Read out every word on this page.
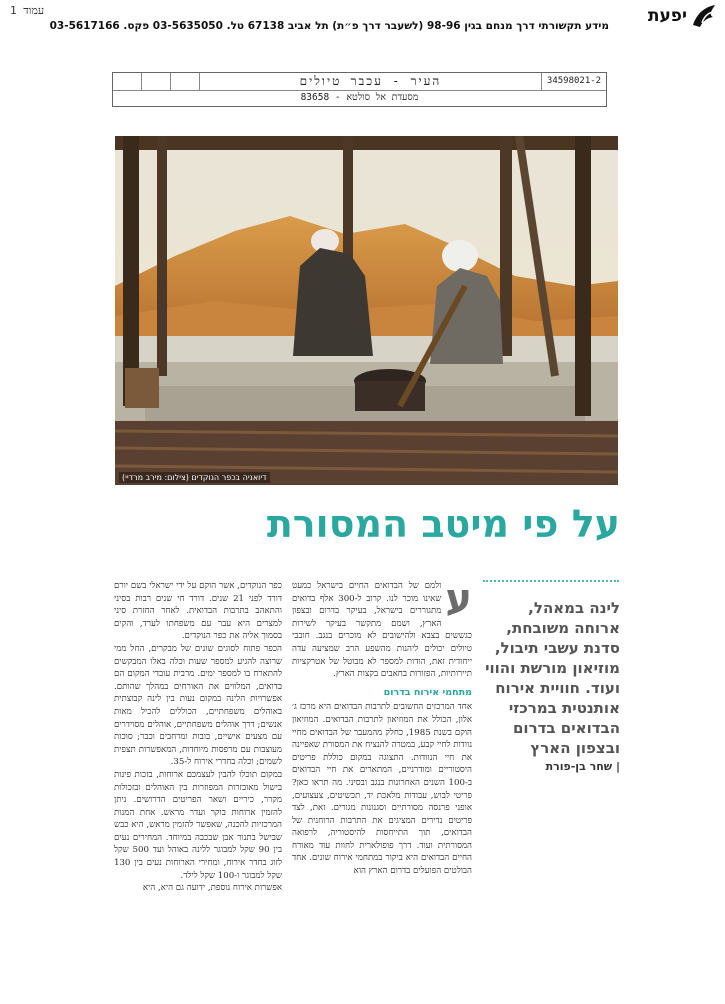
עמוד 1	יפעת
מידע תקשורתי דרך מנחם בגין 98-96 (לשעבר דרך פ״ת) תל אביב 67138 טל. 03-5635050 פקס. 03-5617166
34598021-2
העיר - עכבר טיולים
מסעדת אל סולטא - 83658
דיואניה בכפר הנוקדים (צילום: מירב מרדיי)
על פי מיטב המסורת
לינה במאהל, ארוחה משובחת, סדנת עשבי תיבול, מוזיאון מורשת והווי ועוד. חוויית אירוח אותנטית במרכזי הבדואים בדרום ובצפון הארץ
| שחר בן-פורת

ע
ולמם של הבדואים החיים בישראל כמעט שאינו מוכר לנו. קרוב ל-300 אלף בדואים מתגוררים בישראל, בעיקר בדרום ובצפון הארץ, ושמם מתקשר בעיקר לשירות כגששים בצבא ולהישובים לא מוכרים בנגב. חובבי טיולים יכולים ליהנות מהשפע הרב שמציעה עדה ייחודית זאת, הודות למספר לא מבוטל של אטרקציות תיירותיות, הפזורות בחאבים בקצות הארץ.

מתחמי אירוח בדרום

אחד המרכזים החשובים לתרבות הבדואים היא מרכז ג׳ אלון, הכולל את המוזיאון לתרבות הבדואים. המוזיאון הוקם בשנת 1985, כחלק מהמעבר של הבדואים מחיי נוודות לחיי קבע, במטרה להנציח את המסורת שאפיינה את חיי הנוודות. התצוגה במקום כוללת פריטים היסטוריים ומודרניים, המתארים את חיי הבדואים ב-100 השנים האחרונות בנגב ובסיני. מה תראו כאן? פריטי לבוש, עבודות מלאכת יד, תכשיטים, צעצועים, אופני פרנסה מסורתיים וסגנונות מגורים. זאת, לצד פריטים נדירים המציגים את התרבות הרוחנית של הבדואים, תוך התייחסות להיסטוריה, לרפואה המסורתית ועוד. דרך פופולארית לחוות עוד מאורח החיים הבדואים היא ביקור במתחמי אירוח שונים. אחד הבולטים הפועלים בדרום הארץ הוא

כפר הנוקדים, אשר הוקם על ידי ישראלי בשם יורם דורד לפני 21 שנים. דורד חי שנים רבות בסיני והתאהב בתרבות הבדואית. לאחר החזרת סיני למצרים היא עבר עם משפחתו לערד, והקים בסמוך אליה את כפר הנוקדים.

הכפר פתוח לסוגים שונים של מבקרים, החל ממי שרוצה להגיע למספר שעות וכלה באלו המבקשים להתארח בו למספר ימים. מרבית עובדי המקום הם בדואים, המלווים את האורחים במהלך שהותם. אפשרויות הלינה במקום נעות בין לינה קבוצתית באוהלים משפחתיים, הכוללים להכיל מאות אנשים; דרך אוהלים משפחתיים, אוהלים מסוידרים עם מצעים אישיים, בובות ומרחבים וכבר; סוכות מעוצבות עם מרפסות מיוחדות, המאפשרות תצפית לשמים; וכלה בחדרי אירוח ל-35.

במקום תוכלו להבין לעצמכם ארוחות, בזכות פינות בישול מאובזרות המפוזרות בין האוהלים ובזכולות מקרר, כיריים ושאר הפריטים הדרושים. ניתן להזמין ארוחות בוקר ועדר מראש. אחת המנות המרכזיות להכנה, שאפשר להזמין מראש, היא כבש שבישל בתנור אבן שבכבה במיוחד. המחירים נעים בין 90 שקל למבוגר ללינה באוהל ועד 500 שקל לזוג בחדר אירוח, ומחירי הארוחות נעים בין 130 שקל למבוגר ו-100 שקל לילד.

אפשרות אירוח נוספת, ידועה גם היא, היא
